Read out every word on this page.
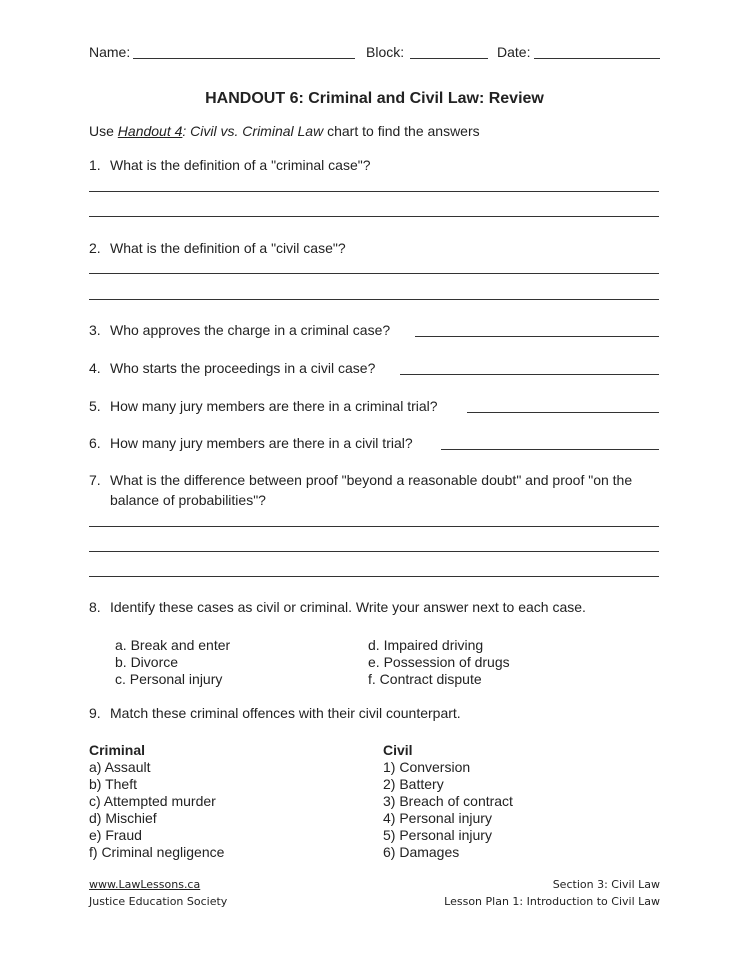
Name:	Block:	Date:
HANDOUT 6: Criminal and Civil Law: Review
Use Handout 4: Civil vs. Criminal Law chart to find the answers
1. What is the definition of a "criminal case"?
2. What is the definition of a "civil case"?
3. Who approves the charge in a criminal case?
4. Who starts the proceedings in a civil case?
5. How many jury members are there in a criminal trial?
6. How many jury members are there in a civil trial?
7. What is the difference between proof "beyond a reasonable doubt" and proof "on the
balance of probabilities"?
8. Identify these cases as civil or criminal. Write your answer next to each case.
a. Break and enter
b. Divorce
c. Personal injury
d. Impaired driving
e. Possession of drugs
f. Contract dispute
9. Match these criminal offences with their civil counterpart.
Criminal
a) Assault
b) Theft
c) Attempted murder
d) Mischief
e) Fraud
f) Criminal negligence
Civil
1) Conversion
2) Battery
3) Breach of contract
4) Personal injury
5) Personal injury
6) Damages
www.LawLessons.ca
Justice Education Society
Section 3: Civil Law
Lesson Plan 1: Introduction to Civil Law
